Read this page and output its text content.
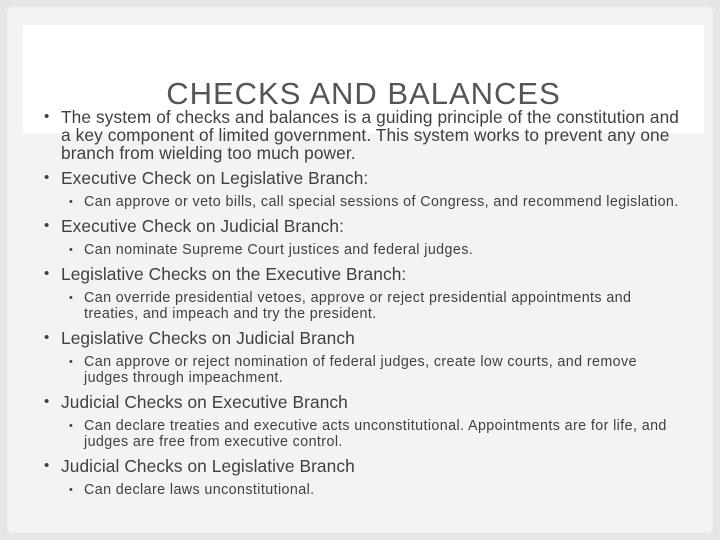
CHECKS AND BALANCES
• The system of checks and balances is a guiding principle of the constitution and a key component of limited government. This system works to prevent any one branch from wielding too much power.
• Executive Check on Legislative Branch:
• Can approve or veto bills, call special sessions of Congress, and recommend legislation.
• Executive Check on Judicial Branch:
• Can nominate Supreme Court justices and federal judges.
• Legislative Checks on the Executive Branch:
• Can override presidential vetoes, approve or reject presidential appointments and treaties, and impeach and try the president.
• Legislative Checks on Judicial Branch
• Can approve or reject nomination of federal judges, create low courts, and remove judges through impeachment.
• Judicial Checks on Executive Branch
• Can declare treaties and executive acts unconstitutional. Appointments are for life, and judges are free from executive control.
• Judicial Checks on Legislative Branch
• Can declare laws unconstitutional.
